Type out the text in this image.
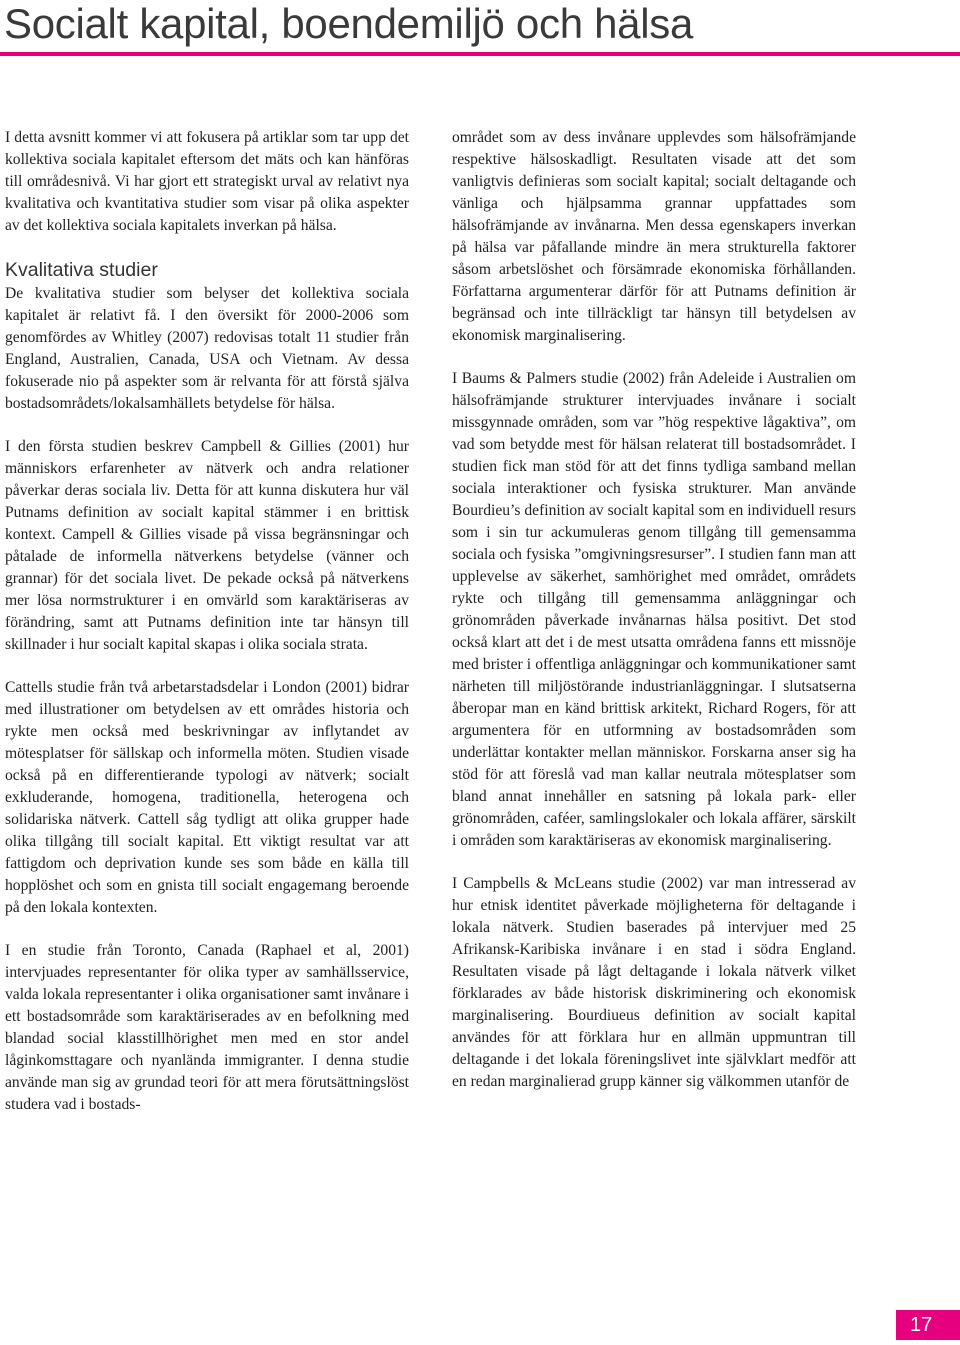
Socialt kapital, boendemiljö och hälsa

I detta avsnitt kommer vi att fokusera på artiklar som tar upp det kollektiva sociala kapitalet eftersom det mäts och kan hänföras till områdesnivå. Vi har gjort ett strategiskt urval av relativt nya kvalitativa och kvantitativa studier som visar på olika aspekter av det kollektiva sociala kapitalets inverkan på hälsa.

Kvalitativa studier

De kvalitativa studier som belyser det kollektiva sociala kapitalet är relativt få. I den översikt för 2000-2006 som genomfördes av Whitley (2007) redovisas totalt 11 studier från England, Australien, Canada, USA och Vietnam. Av dessa fokuserade nio på aspekter som är relvanta för att förstå själva bostadsområdets/lokalsamhällets betydelse för hälsa.

I den första studien beskrev Campbell & Gillies (2001) hur människors erfarenheter av nätverk och andra relationer påverkar deras sociala liv. Detta för att kunna diskutera hur väl Putnams definition av socialt kapital stämmer i en brittisk kontext. Campell & Gillies visade på vissa begränsningar och påtalade de informella nätverkens betydelse (vänner och grannar) för det sociala livet. De pekade också på nätverkens mer lösa normstrukturer i en omvärld som karaktäriseras av förändring, samt att Putnams definition inte tar hänsyn till skillnader i hur socialt kapital skapas i olika sociala strata.

Cattells studie från två arbetarstadsdelar i London (2001) bidrar med illustrationer om betydelsen av ett områdes historia och rykte men också med beskrivningar av inflytandet av mötesplatser för sällskap och informella möten. Studien visade också på en differentierande typologi av nätverk; socialt exkluderande, homogena, traditionella, heterogena och solidariska nätverk. Cattell såg tydligt att olika grupper hade olika tillgång till socialt kapital. Ett viktigt resultat var att fattigdom och deprivation kunde ses som både en källa till hopplöshet och som en gnista till socialt engagemang beroende på den lokala kontexten.

I en studie från Toronto, Canada (Raphael et al, 2001) intervjuades representanter för olika typer av samhällsservice, valda lokala representanter i olika organisationer samt invånare i ett bostadsområde som karaktäriserades av en befolkning med blandad social klasstillhörighet men med en stor andel låginkomsttagare och nyanlända immigranter. I denna studie använde man sig av grundad teori för att mera förutsättningslöst studera vad i bostads-

området som av dess invånare upplevdes som hälsofrämjande respektive hälsoskadligt. Resultaten visade att det som vanligtvis definieras som socialt kapital; socialt deltagande och vänliga och hjälpsamma grannar uppfattades som hälsofrämjande av invånarna. Men dessa egenskapers inverkan på hälsa var påfallande mindre än mera strukturella faktorer såsom arbetslöshet och försämrade ekonomiska förhållanden. Författarna argumenterar därför för att Putnams definition är begränsad och inte tillräckligt tar hänsyn till betydelsen av ekonomisk marginalisering.

I Baums & Palmers studie (2002) från Adeleide i Australien om hälsofrämjande strukturer intervjuades invånare i socialt missgynnade områden, som var ”hög respektive lågaktiva”, om vad som betydde mest för hälsan relaterat till bostadsområdet. I studien fick man stöd för att det finns tydliga samband mellan sociala interaktioner och fysiska strukturer. Man använde Bourdieu’s definition av socialt kapital som en individuell resurs som i sin tur ackumuleras genom tillgång till gemensamma sociala och fysiska ”omgivningsresurser”. I studien fann man att upplevelse av säkerhet, samhörighet med området, områdets rykte och tillgång till gemensamma anläggningar och grönområden påverkade invånarnas hälsa positivt. Det stod också klart att det i de mest utsatta områdena fanns ett missnöje med brister i offentliga anläggningar och kommunikationer samt närheten till miljöstörande industrianläggningar. I slutsatserna åberopar man en känd brittisk arkitekt, Richard Rogers, för att argumentera för en utformning av bostadsområden som underlättar kontakter mellan människor. Forskarna anser sig ha stöd för att föreslå vad man kallar neutrala mötesplatser som bland annat innehåller en satsning på lokala park- eller grönområden, caféer, samlingslokaler och lokala affärer, särskilt i områden som karaktäriseras av ekonomisk marginalisering.

I Campbells & McLeans studie (2002) var man intresserad av hur etnisk identitet påverkade möjligheterna för deltagande i lokala nätverk. Studien baserades på intervjuer med 25 Afrikansk-Karibiska invånare i en stad i södra England. Resultaten visade på lågt deltagande i lokala nätverk vilket förklarades av både historisk diskriminering och ekonomisk marginalisering. Bourdiueus definition av socialt kapital användes för att förklara hur en allmän uppmuntran till deltagande i det lokala föreningslivet inte självklart medför att en redan marginalierad grupp känner sig välkommen utanför de

17
